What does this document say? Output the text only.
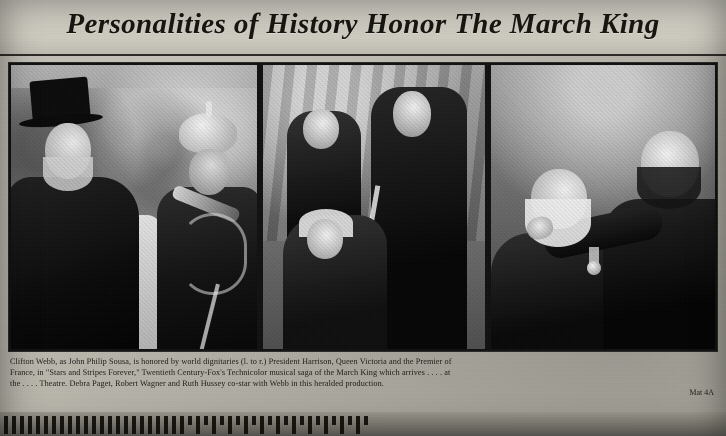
Personalities of History Honor The March King
Clifton Webb, as John Philip Sousa, is honored by world dignitaries (l. to r.) President Harrison, Queen Victoria and the Premier of
France, in "Stars and Stripes Forever," Twentieth Century-Fox's Technicolor musical saga of the March King which arrives . . . . at
the . . . . Theatre. Debra Paget, Robert Wagner and Ruth Hussey co-star with Webb in this heralded production.
Mat 4A
